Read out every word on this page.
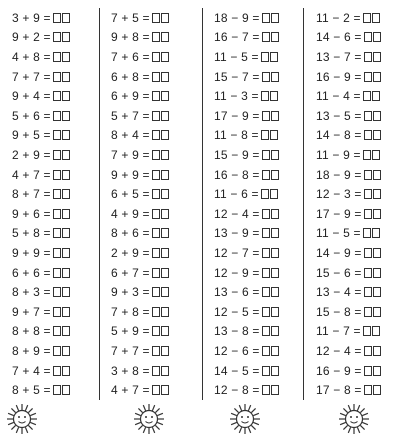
3 + 9 =
9 + 2 =
4 + 8 =
7 + 7 =
9 + 4 =
5 + 6 =
9 + 5 =
2 + 9 =
4 + 7 =
8 + 7 =
9 + 6 =
5 + 8 =
9 + 9 =
6 + 6 =
8 + 3 =
9 + 7 =
8 + 8 =
8 + 9 =
7 + 4 =
8 + 5 =
7 + 5 =
9 + 8 =
7 + 6 =
6 + 8 =
6 + 9 =
5 + 7 =
8 + 4 =
7 + 9 =
9 + 9 =
6 + 5 =
4 + 9 =
8 + 6 =
2 + 9 =
6 + 7 =
9 + 3 =
7 + 8 =
5 + 9 =
7 + 7 =
3 + 8 =
4 + 7 =
18 − 9 =
16 − 7 =
11 − 5 =
15 − 7 =
11 − 3 =
17 − 9 =
11 − 8 =
15 − 9 =
16 − 8 =
11 − 6 =
12 − 4 =
13 − 9 =
12 − 7 =
12 − 9 =
13 − 6 =
12 − 5 =
13 − 8 =
12 − 6 =
14 − 5 =
12 − 8 =
11 − 2 =
14 − 6 =
13 − 7 =
16 − 9 =
11 − 4 =
13 − 5 =
14 − 8 =
11 − 9 =
18 − 9 =
12 − 3 =
17 − 9 =
11 − 5 =
14 − 9 =
15 − 6 =
13 − 4 =
15 − 8 =
11 − 7 =
12 − 4 =
16 − 9 =
17 − 8 =
